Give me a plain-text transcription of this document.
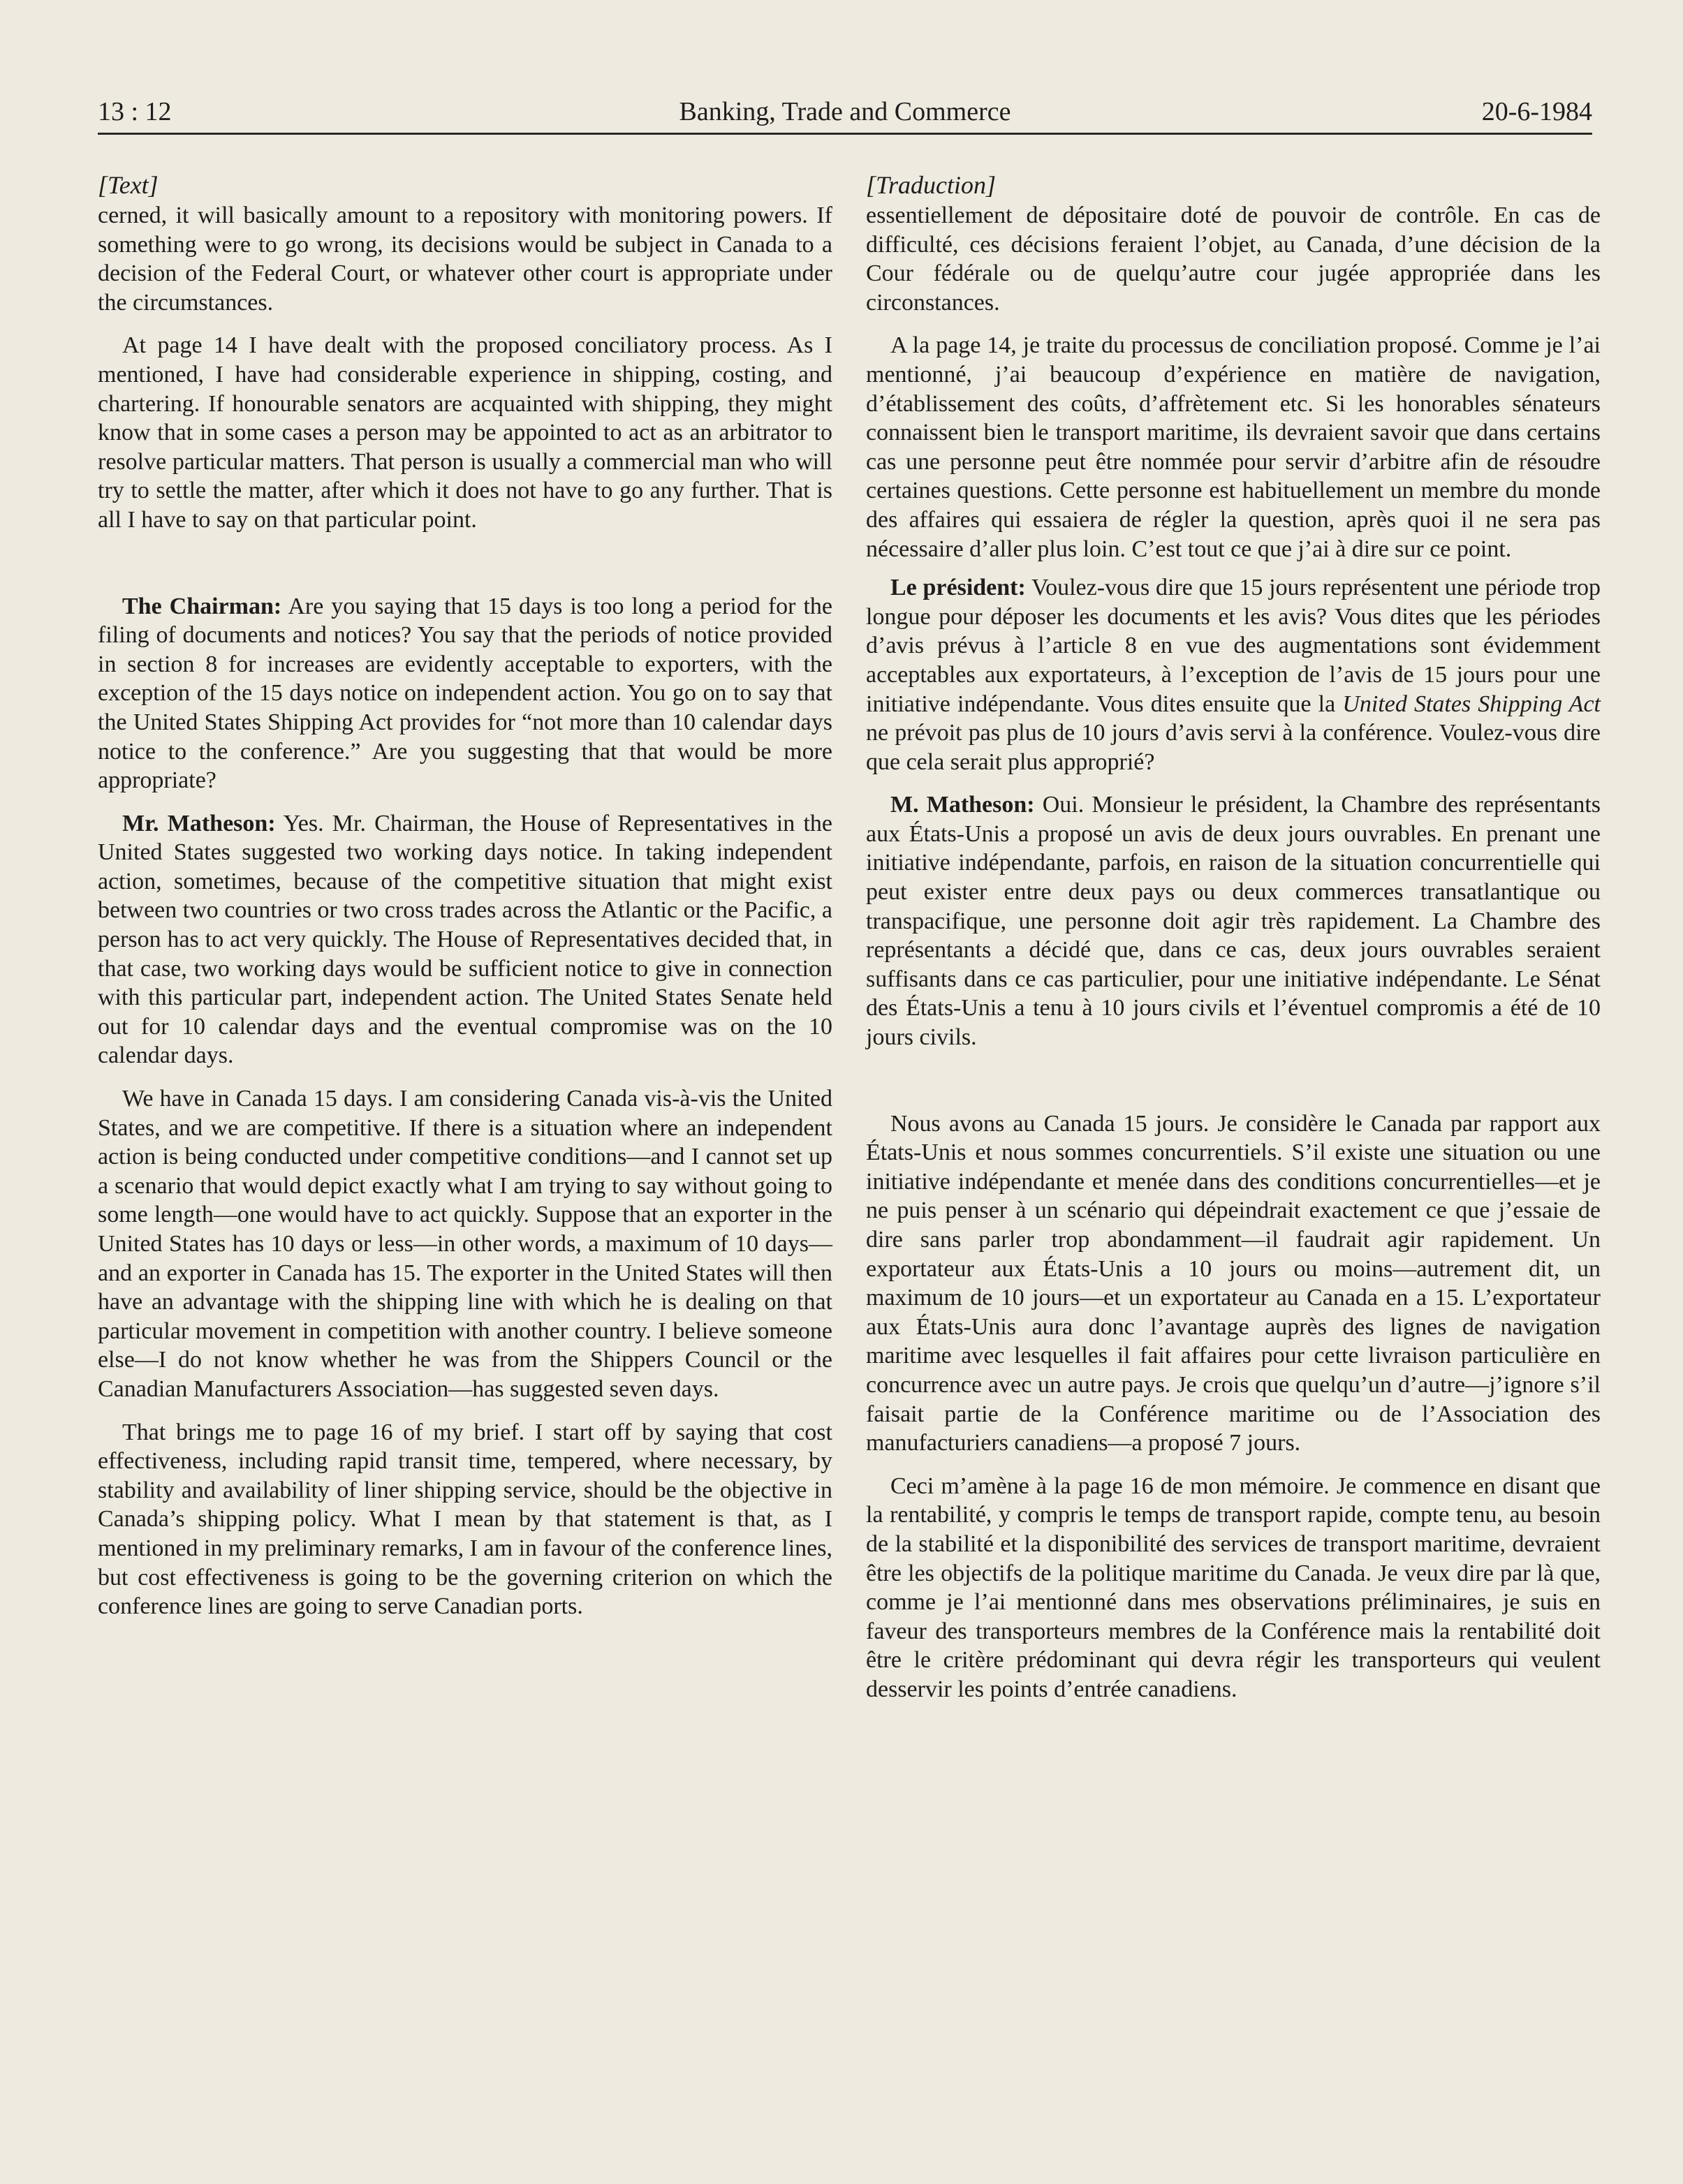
13 : 12	Banking, Trade and Commerce	20-6-1984
[Text]

cerned, it will basically amount to a repository with monitoring powers. If something were to go wrong, its decisions would be subject in Canada to a decision of the Federal Court, or whatever other court is appropriate under the circumstances.

At page 14 I have dealt with the proposed conciliatory process. As I mentioned, I have had considerable experience in shipping, costing, and chartering. If honourable senators are acquainted with shipping, they might know that in some cases a person may be appointed to act as an arbitrator to resolve particular matters. That person is usually a commercial man who will try to settle the matter, after which it does not have to go any further. That is all I have to say on that particular point.

The Chairman: Are you saying that 15 days is too long a period for the filing of documents and notices? You say that the periods of notice provided in section 8 for increases are evidently acceptable to exporters, with the exception of the 15 days notice on independent action. You go on to say that the United States Shipping Act provides for “not more than 10 calendar days notice to the conference.” Are you suggesting that that would be more appropriate?

Mr. Matheson: Yes. Mr. Chairman, the House of Representatives in the United States suggested two working days notice. In taking independent action, sometimes, because of the competitive situation that might exist between two countries or two cross trades across the Atlantic or the Pacific, a person has to act very quickly. The House of Representatives decided that, in that case, two working days would be sufficient notice to give in connection with this particular part, independent action. The United States Senate held out for 10 calendar days and the eventual compromise was on the 10 calendar days.

We have in Canada 15 days. I am considering Canada vis-à-vis the United States, and we are competitive. If there is a situation where an independent action is being conducted under competitive conditions—and I cannot set up a scenario that would depict exactly what I am trying to say without going to some length—one would have to act quickly. Suppose that an exporter in the United States has 10 days or less—in other words, a maximum of 10 days—and an exporter in Canada has 15. The exporter in the United States will then have an advantage with the shipping line with which he is dealing on that particular movement in competition with another country. I believe someone else—I do not know whether he was from the Shippers Council or the Canadian Manufacturers Association—has suggested seven days.

That brings me to page 16 of my brief. I start off by saying that cost effectiveness, including rapid transit time, tempered, where necessary, by stability and availability of liner shipping service, should be the objective in Canada’s shipping policy. What I mean by that statement is that, as I mentioned in my preliminary remarks, I am in favour of the conference lines, but cost effectiveness is going to be the governing criterion on which the conference lines are going to serve Canadian ports.

[Traduction]

essentiellement de dépositaire doté de pouvoir de contrôle. En cas de difficulté, ces décisions feraient l’objet, au Canada, d’une décision de la Cour fédérale ou de quelqu’autre cour jugée appropriée dans les circonstances.

A la page 14, je traite du processus de conciliation proposé. Comme je l’ai mentionné, j’ai beaucoup d’expérience en matière de navigation, d’établissement des coûts, d’affrètement etc. Si les honorables sénateurs connaissent bien le transport maritime, ils devraient savoir que dans certains cas une personne peut être nommée pour servir d’arbitre afin de résoudre certaines questions. Cette personne est habituellement un membre du monde des affaires qui essaiera de régler la question, après quoi il ne sera pas nécessaire d’aller plus loin. C’est tout ce que j’ai à dire sur ce point.

Le président: Voulez-vous dire que 15 jours représentent une période trop longue pour déposer les documents et les avis? Vous dites que les périodes d’avis prévus à l’article 8 en vue des augmentations sont évidemment acceptables aux exportateurs, à l’exception de l’avis de 15 jours pour une initiative indépendante. Vous dites ensuite que la United States Shipping Act ne prévoit pas plus de 10 jours d’avis servi à la conférence. Voulez-vous dire que cela serait plus approprié?

M. Matheson: Oui. Monsieur le président, la Chambre des représentants aux États-Unis a proposé un avis de deux jours ouvrables. En prenant une initiative indépendante, parfois, en raison de la situation concurrentielle qui peut exister entre deux pays ou deux commerces transatlantique ou transpacifique, une personne doit agir très rapidement. La Chambre des représentants a décidé que, dans ce cas, deux jours ouvrables seraient suffisants dans ce cas particulier, pour une initiative indépendante. Le Sénat des États-Unis a tenu à 10 jours civils et l’éventuel compromis a été de 10 jours civils.

Nous avons au Canada 15 jours. Je considère le Canada par rapport aux États-Unis et nous sommes concurrentiels. S’il existe une situation ou une initiative indépendante et menée dans des conditions concurrentielles—et je ne puis penser à un scénario qui dépeindrait exactement ce que j’essaie de dire sans parler trop abondamment—il faudrait agir rapidement. Un exportateur aux États-Unis a 10 jours ou moins—autrement dit, un maximum de 10 jours—et un exportateur au Canada en a 15. L’exportateur aux États-Unis aura donc l’avantage auprès des lignes de navigation maritime avec lesquelles il fait affaires pour cette livraison particulière en concurrence avec un autre pays. Je crois que quelqu’un d’autre—j’ignore s’il faisait partie de la Conférence maritime ou de l’Association des manufacturiers canadiens—a proposé 7 jours.

Ceci m’amène à la page 16 de mon mémoire. Je commence en disant que la rentabilité, y compris le temps de transport rapide, compte tenu, au besoin de la stabilité et la disponibilité des services de transport maritime, devraient être les objectifs de la politique maritime du Canada. Je veux dire par là que, comme je l’ai mentionné dans mes observations préliminaires, je suis en faveur des transporteurs membres de la Conférence mais la rentabilité doit être le critère prédominant qui devra régir les transporteurs qui veulent desservir les points d’entrée canadiens.
